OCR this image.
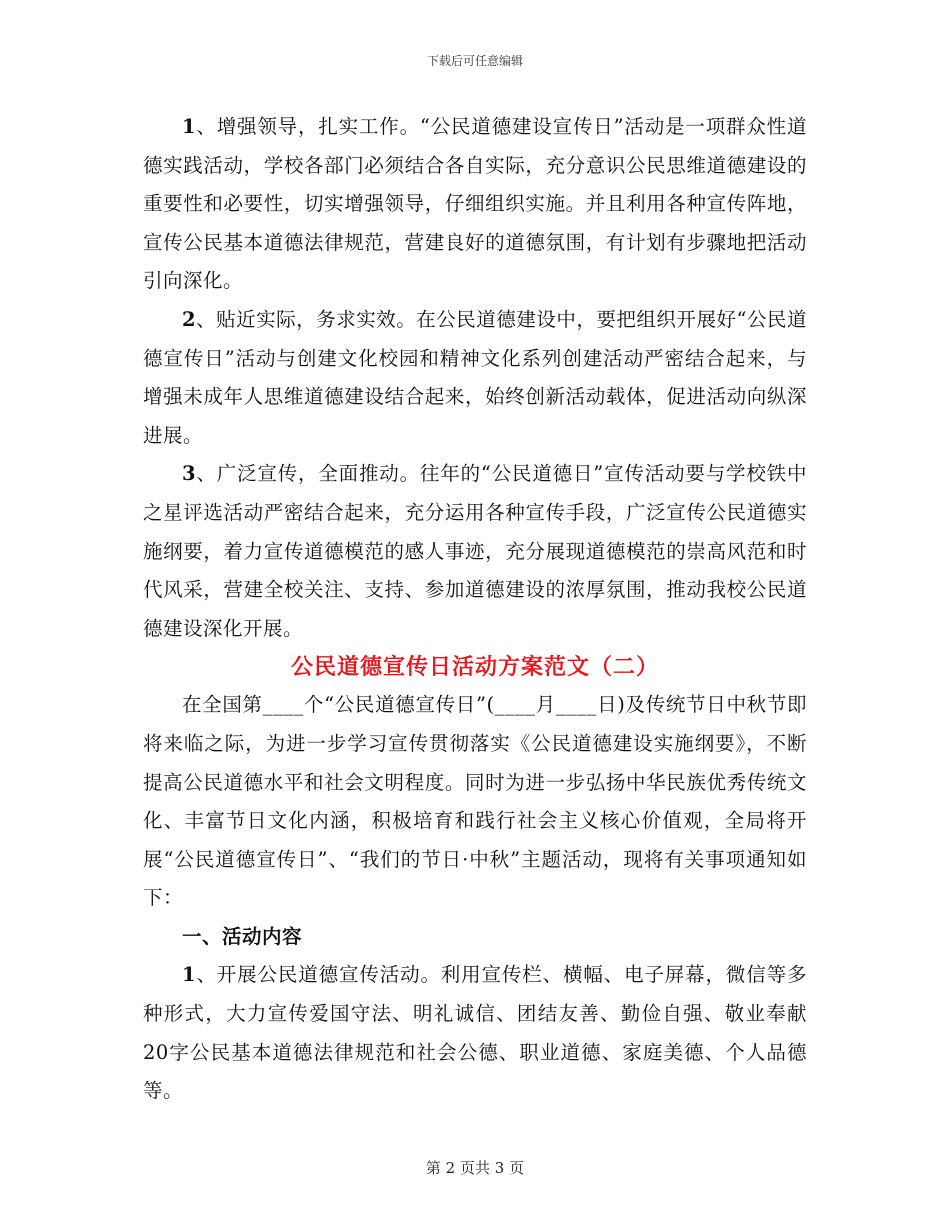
下载后可任意编辑

1、增强领导，扎实工作。“公民道德建设宣传日”活动是一项群众性道德实践活动，学校各部门必须结合各自实际，充分意识公民思维道德建设的重要性和必要性，切实增强领导，仔细组织实施。并且利用各种宣传阵地，宣传公民基本道德法律规范，营建良好的道德氛围，有计划有步骤地把活动引向深化。

2、贴近实际，务求实效。在公民道德建设中，要把组织开展好“公民道德宣传日”活动与创建文化校园和精神文化系列创建活动严密结合起来，与增强未成年人思维道德建设结合起来，始终创新活动载体，促进活动向纵深进展。

3、广泛宣传，全面推动。往年的“公民道德日”宣传活动要与学校铁中之星评选活动严密结合起来，充分运用各种宣传手段，广泛宣传公民道德实施纲要，着力宣传道德模范的感人事迹，充分展现道德模范的崇高风范和时代风采，营建全校关注、支持、参加道德建设的浓厚氛围，推动我校公民道德建设深化开展。

公民道德宣传日活动方案范文（二）

在全国第____个“公民道德宣传日”(____月____日)及传统节日中秋节即将来临之际，为进一步学习宣传贯彻落实《公民道德建设实施纲要》，不断提高公民道德水平和社会文明程度。同时为进一步弘扬中华民族优秀传统文化、丰富节日文化内涵，积极培育和践行社会主义核心价值观，全局将开展“公民道德宣传日”、“我们的节日·中秋”主题活动，现将有关事项通知如下：

一、活动内容

1、开展公民道德宣传活动。利用宣传栏、横幅、电子屏幕，微信等多种形式，大力宣传爱国守法、明礼诚信、团结友善、勤俭自强、敬业奉献20字公民基本道德法律规范和社会公德、职业道德、家庭美德、个人品德等。

第 2 页共 3 页
